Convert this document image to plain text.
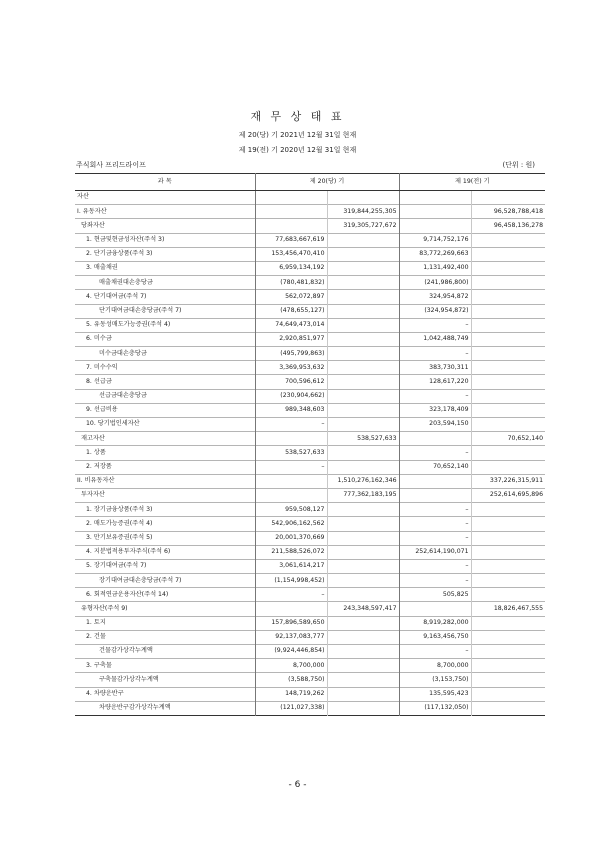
재 무 상 태 표
제 20(당) 기 2021년 12월 31일 현재
제 19(전) 기 2020년 12월 31일 현재
주식회사 프리드라이프	(단위 : 원)
과 목	제 20(당) 기		제 19(전) 기	
자산				
I. 유동자산		319,844,255,305		96,528,788,418
당좌자산		319,305,727,672		96,458,136,278
1. 현금및현금성자산(주석 3)	77,683,667,619		9,714,752,176	
2. 단기금융상품(주석 3)	153,456,470,410		83,772,269,663	
3. 매출채권	6,959,134,192		1,131,492,400	
매출채권대손충당금	(780,481,832)		(241,986,800)	
4. 단기대여금(주석 7)	562,072,897		324,954,872	
단기대여금대손충당금(주석 7)	(478,655,127)		(324,954,872)	
5. 유동성매도가능증권(주석 4)	74,649,473,014		–	
6. 미수금	2,920,851,977		1,042,488,749	
미수금대손충당금	(495,799,863)		–	
7. 미수수익	3,369,953,632		383,730,311	
8. 선급금	700,596,612		128,617,220	
선급금대손충당금	(230,904,662)		–	
9. 선급비용	989,348,603		323,178,409	
10. 당기법인세자산	–		203,594,150	
재고자산		538,527,633		70,652,140
1. 상품	538,527,633		–	
2. 저장품	–		70,652,140	
II. 비유동자산		1,510,276,162,346		337,226,315,911
투자자산		777,362,183,195		252,614,695,896
1. 장기금융상품(주석 3)	959,508,127		–	
2. 매도가능증권(주석 4)	542,906,162,562		–	
3. 만기보유증권(주석 5)	20,001,370,669		–	
4. 지분법적용투자주식(주석 6)	211,588,526,072		252,614,190,071	
5. 장기대여금(주석 7)	3,061,614,217		–	
장기대여금대손충당금(주석 7)	(1,154,998,452)		–	
6. 회적연금운용자산(주석 14)	–		505,825	
유형자산(주석 9)		243,348,597,417		18,826,467,555
1. 토지	157,896,589,650		8,919,282,000	
2. 건물	92,137,083,777		9,163,456,750	
건물감가상각누계액	(9,924,446,854)		–	
3. 구축물	8,700,000		8,700,000	
구축물감가상각누계액	(3,588,750)		(3,153,750)	
4. 차량운반구	148,719,262		135,595,423	
차량운반구감가상각누계액	(121,027,338)		(117,132,050)	
- 6 -
